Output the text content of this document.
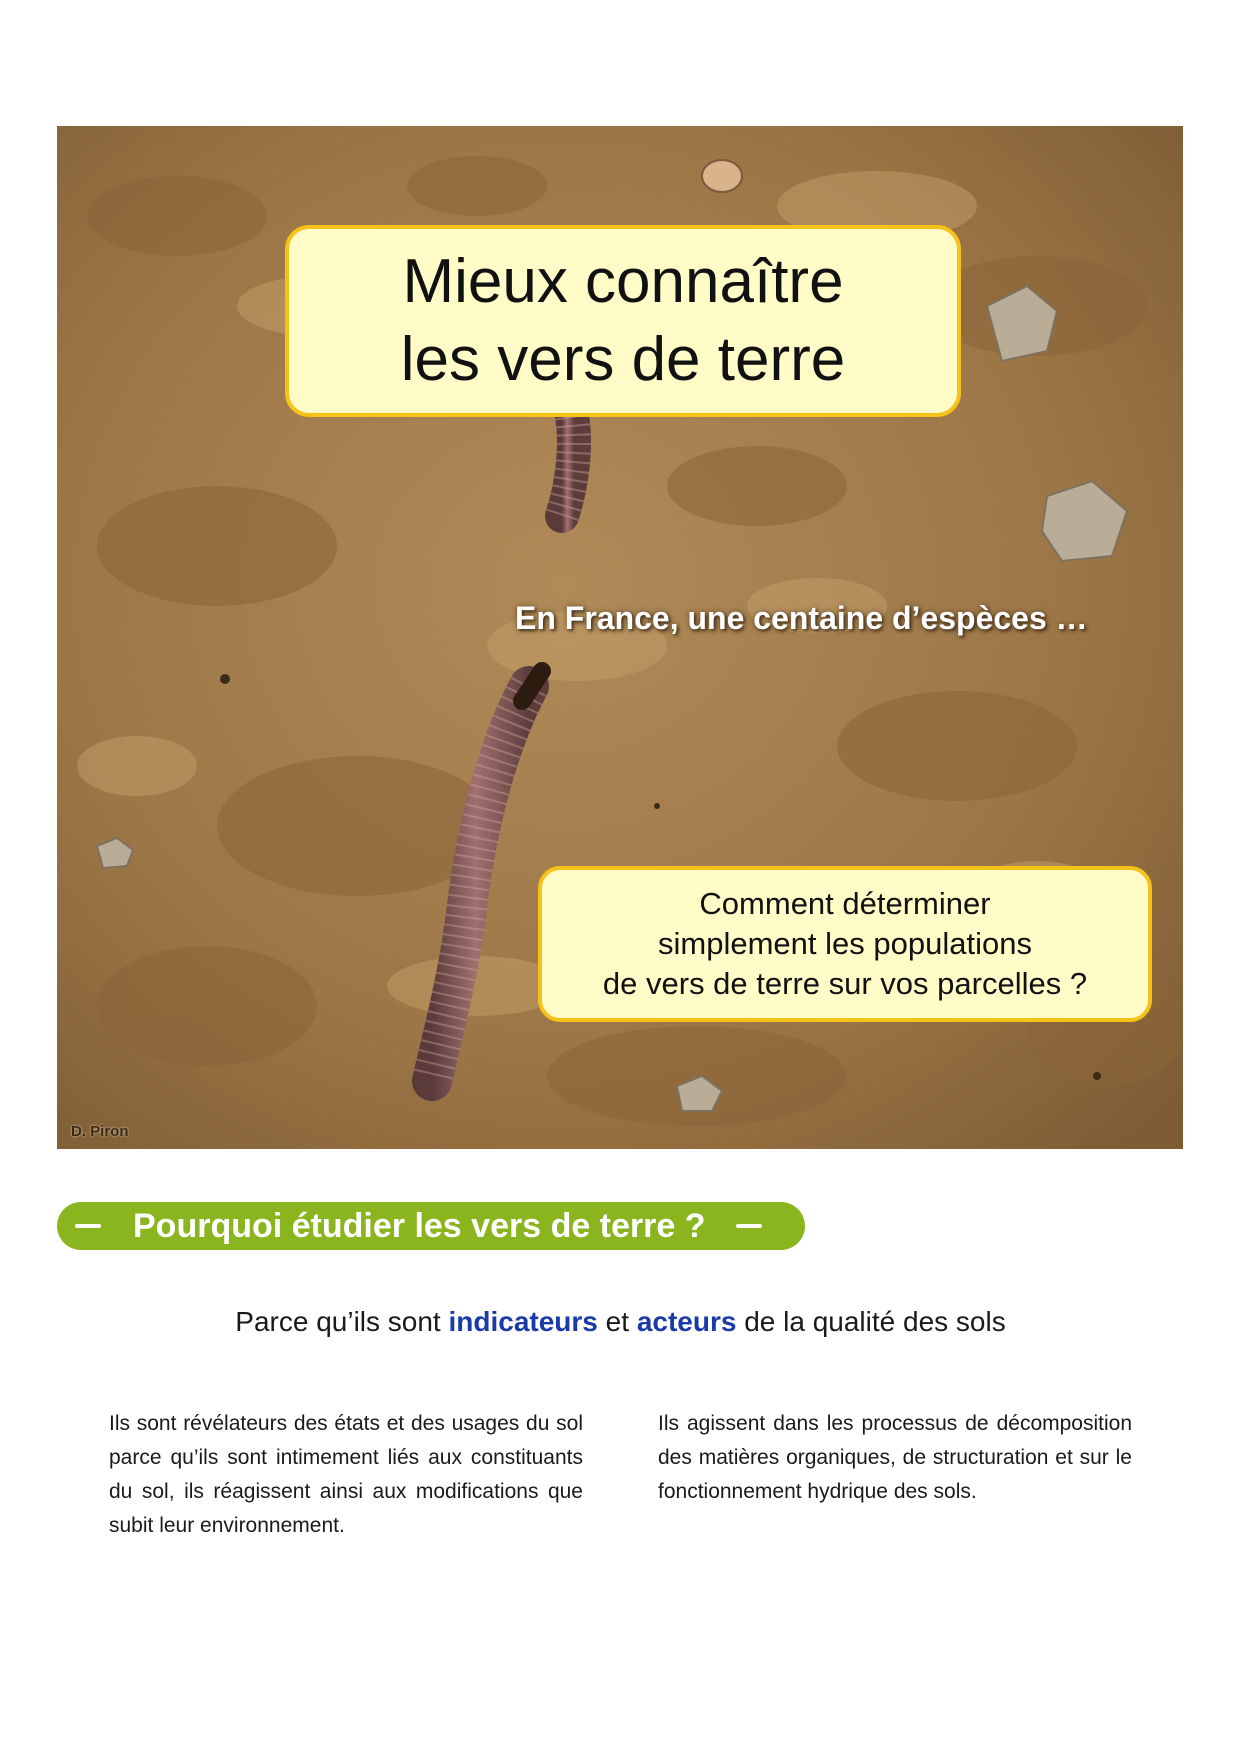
Mieux connaître
les vers de terre
En France, une centaine d’espèces …
Comment déterminer
simplement les populations
de vers de terre sur vos parcelles ?
D. Piron
Pourquoi étudier les vers de terre ?
Parce qu’ils sont indicateurs et acteurs de la qualité des sols
Ils sont révélateurs des états et des usages du sol parce qu’ils sont intimement liés aux constituants du sol, ils réagissent ainsi aux modifications que subit leur environnement.
Ils agissent dans les processus de décomposition des matières organiques, de structuration et sur le fonctionnement hydrique des sols.
